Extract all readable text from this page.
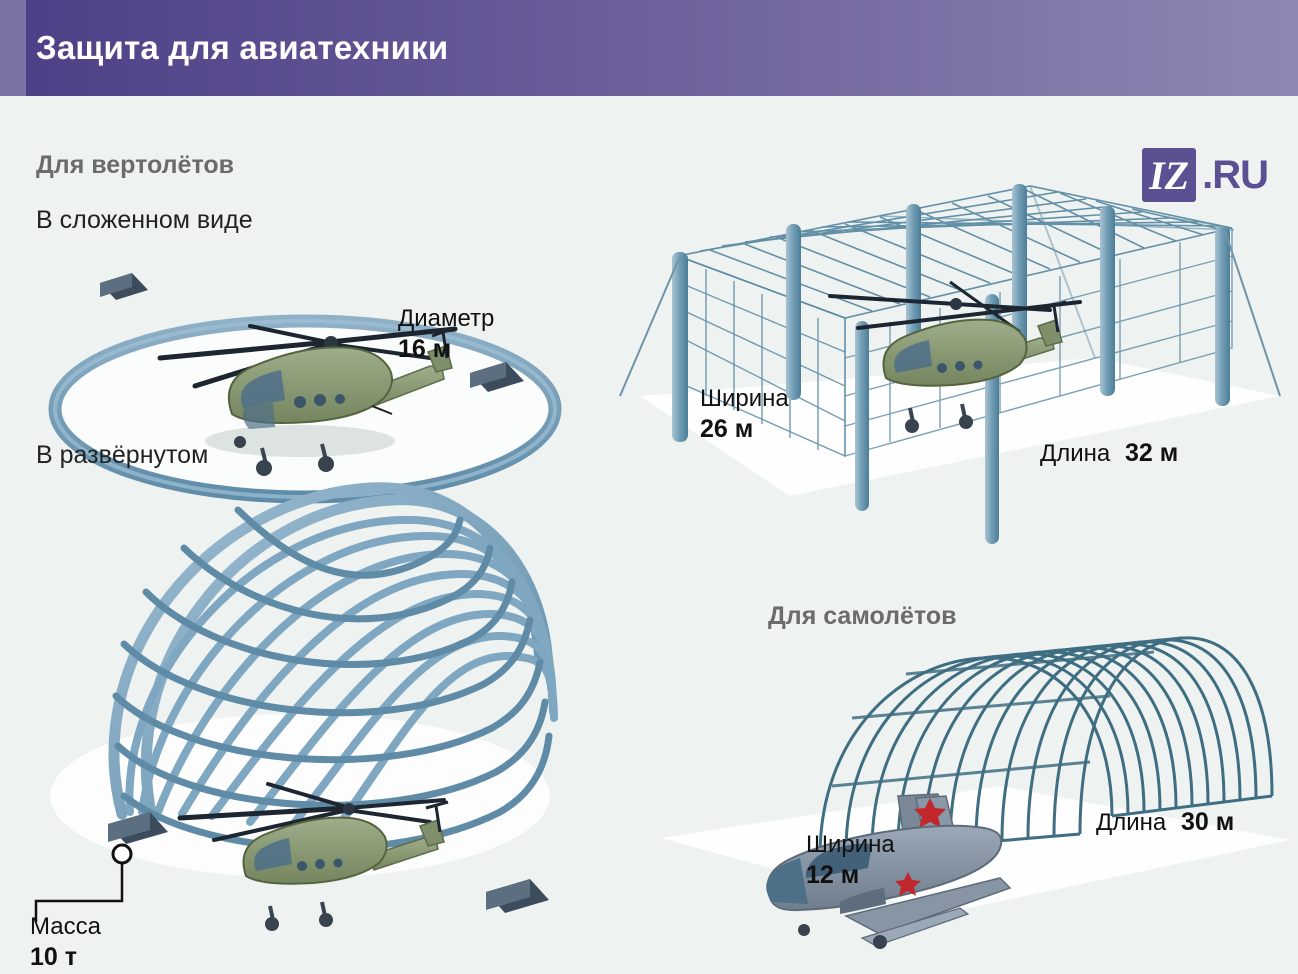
Защита для авиатехники
IZ .RU
Для вертолётов
В сложенном виде
В развёрнутом
Диаметр
16 м
Ширина
26 м
Длина 32 м
Масса
10 т
Для самолётов
Ширина
12 м
Длина 30 м
